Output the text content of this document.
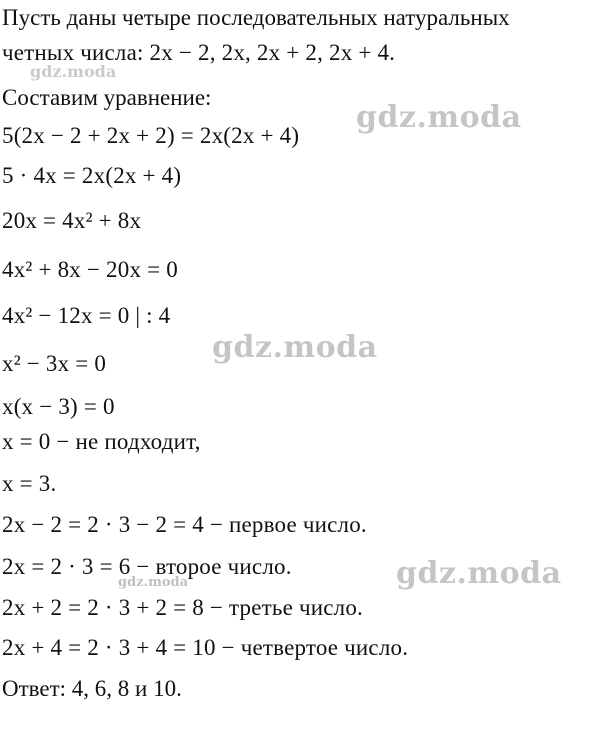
Пусть даны четыре последовательных натуральных
четных числа: 2x − 2, 2x, 2x + 2, 2x + 4.
Составим уравнение:
5(2x − 2 + 2x + 2) = 2x(2x + 4)
5 · 4x = 2x(2x + 4)
20x = 4x² + 8x
4x² + 8x − 20x = 0
4x² − 12x = 0 | : 4
x² − 3x = 0
x(x − 3) = 0
x = 0 − не подходит,
x = 3.
2x − 2 = 2 · 3 − 2 = 4 − первое число.
2x = 2 · 3 = 6 − второе число.
2x + 2 = 2 · 3 + 2 = 8 − третье число.
2x + 4 = 2 · 3 + 4 = 10 − четвертое число.
Ответ: 4, 6, 8 и 10.
gdz.moda
gdz.moda
gdz.moda
gdz.moda
gdz.moda
